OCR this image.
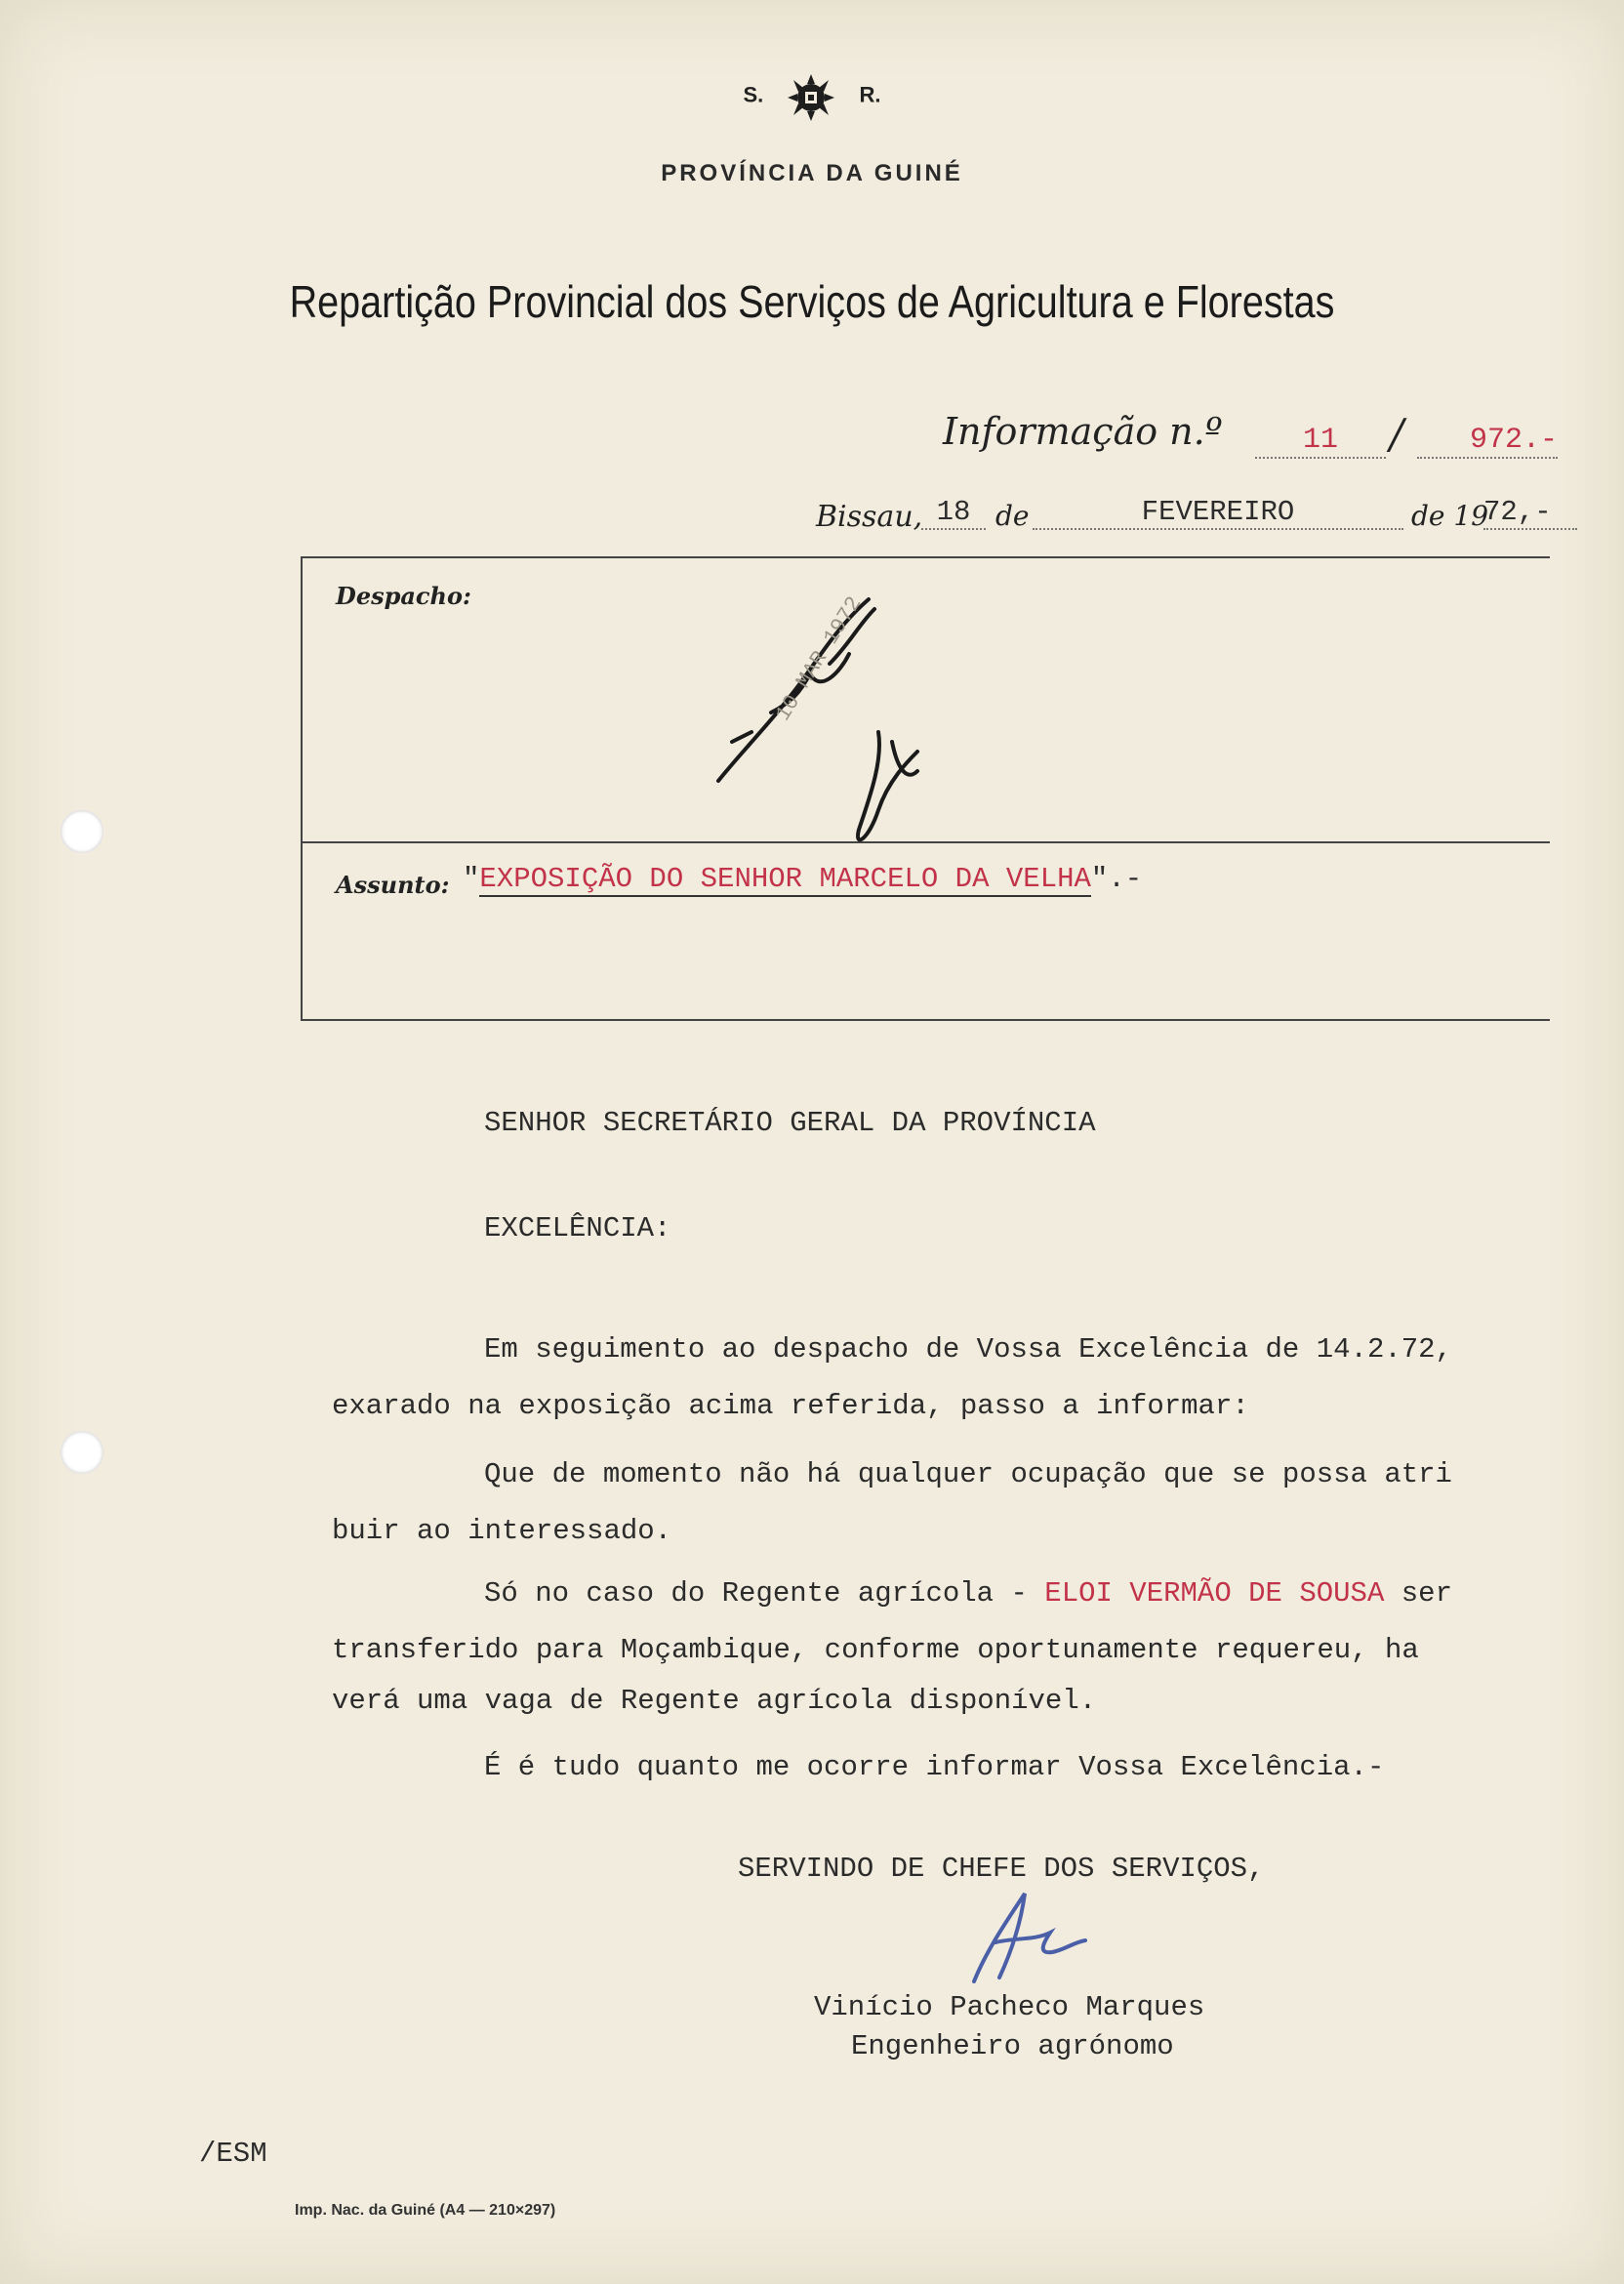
S.	R.
PROVÍNCIA DA GUINÉ
Repartição Provincial dos Serviços de Agricultura e Florestas
Informação n.º	11	/	972.-
Bissau, 18 de	FEVEREIRO	de 19
72,-
Despacho:	10 MAR 1972
Assunto: "EXPOSIÇÃO DO SENHOR MARCELO DA VELHA".-
SENHOR SECRETÁRIO GERAL DA PROVÍNCIA
EXCELÊNCIA:
Em seguimento ao despacho de Vossa Excelência de 14.2.72,
exarado na exposição acima referida, passo a informar:
Que de momento não há qualquer ocupação que se possa atri
buir ao interessado.
Só no caso do Regente agrícola - ELOI VERMÃO DE SOUSA ser
transferido para Moçambique, conforme oportunamente requereu, ha
verá uma vaga de Regente agrícola disponível.
É é tudo quanto me ocorre informar Vossa Excelência.-
SERVINDO DE CHEFE DOS SERVIÇOS,
Vinício Pacheco Marques
Engenheiro agrónomo
/ESM
Imp. Nac. da Guiné (A4 — 210×297)
